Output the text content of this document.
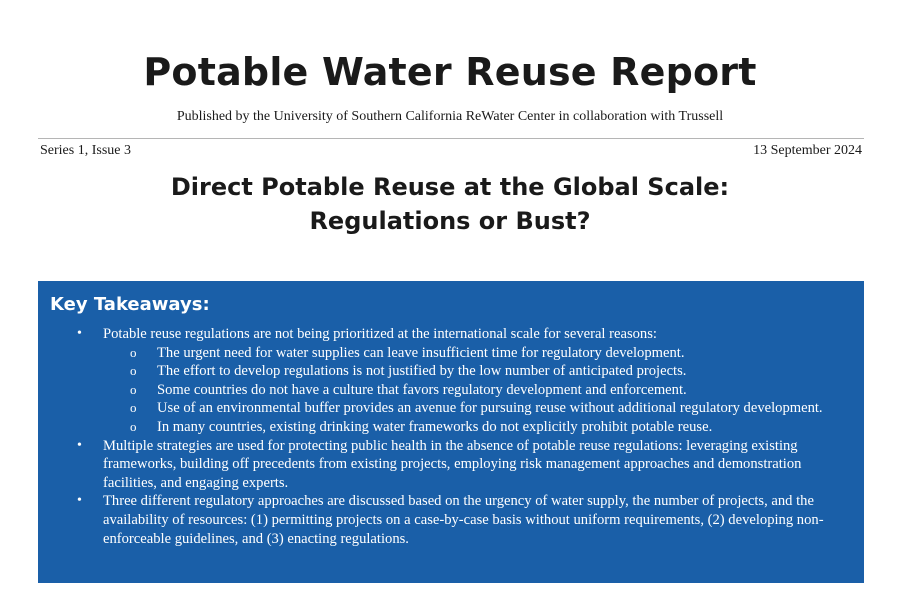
Potable Water Reuse Report
Published by the University of Southern California ReWater Center in collaboration with Trussell
Series 1, Issue 3	13 September 2024
Direct Potable Reuse at the Global Scale:
Regulations or Bust?
Key Takeaways:
• Potable reuse regulations are not being prioritized at the international scale for several reasons:
o The urgent need for water supplies can leave insufficient time for regulatory development.
o The effort to develop regulations is not justified by the low number of anticipated projects.
o Some countries do not have a culture that favors regulatory development and enforcement.
o Use of an environmental buffer provides an avenue for pursuing reuse without additional regulatory development.
o In many countries, existing drinking water frameworks do not explicitly prohibit potable reuse.
• Multiple strategies are used for protecting public health in the absence of potable reuse regulations: leveraging existing frameworks, building off precedents from existing projects, employing risk management approaches and demonstration facilities, and engaging experts.
• Three different regulatory approaches are discussed based on the urgency of water supply, the number of projects, and the availability of resources: (1) permitting projects on a case-by-case basis without uniform requirements, (2) developing non-enforceable guidelines, and (3) enacting regulations.
